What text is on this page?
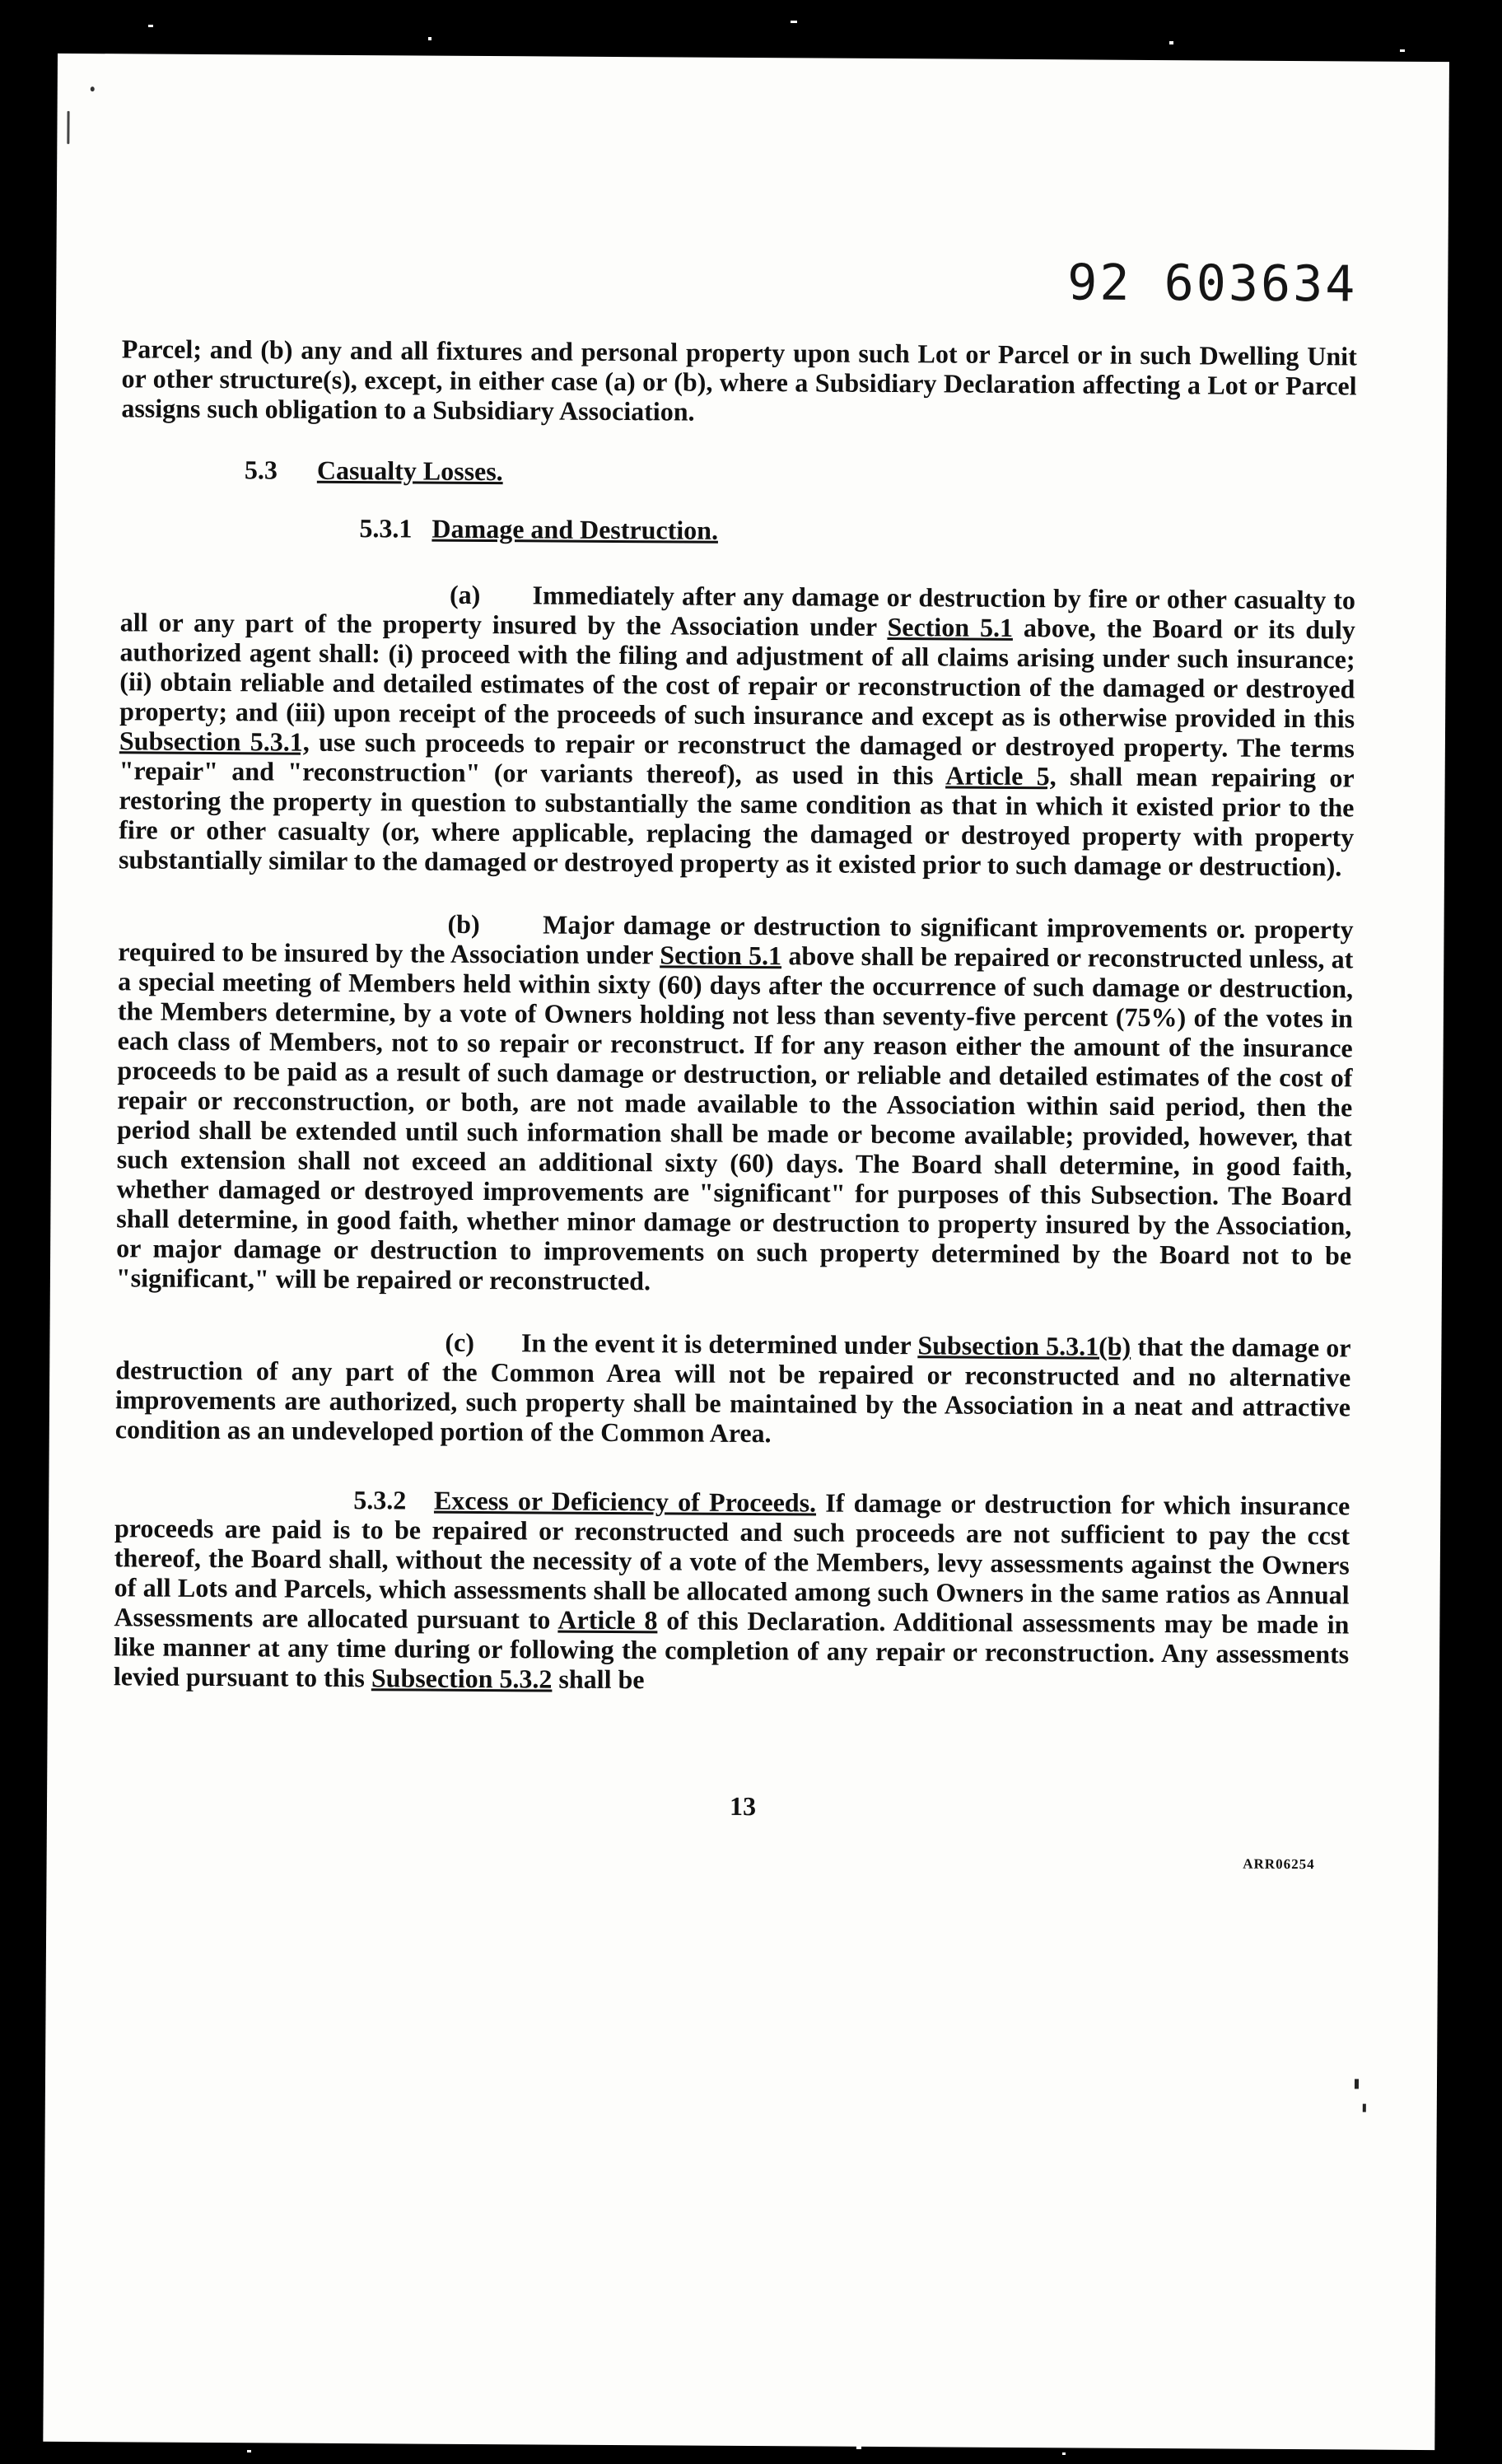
92 603634

Parcel; and (b) any and all fixtures and personal property upon such Lot or Parcel or in such Dwelling Unit or other structure(s), except, in either case (a) or (b), where a Subsidiary Declaration affecting a Lot or Parcel assigns such obligation to a Subsidiary Association.

5.3 Casualty Losses.

5.3.1 Damage and Destruction.

(a) Immediately after any damage or destruction by fire or other casualty to all or any part of the property insured by the Association under Section 5.1 above, the Board or its duly authorized agent shall: (i) proceed with the filing and adjustment of all claims arising under such insurance; (ii) obtain reliable and detailed estimates of the cost of repair or reconstruction of the damaged or destroyed property; and (iii) upon receipt of the proceeds of such insurance and except as is otherwise provided in this Subsection 5.3.1, use such proceeds to repair or reconstruct the damaged or destroyed property. The terms "repair" and "reconstruction" (or variants thereof), as used in this Article 5, shall mean repairing or restoring the property in question to substantially the same condition as that in which it existed prior to the fire or other casualty (or, where applicable, replacing the damaged or destroyed property with property substantially similar to the damaged or destroyed property as it existed prior to such damage or destruction).

(b) Major damage or destruction to significant improvements or. property required to be insured by the Association under Section 5.1 above shall be repaired or reconstructed unless, at a special meeting of Members held within sixty (60) days after the occurrence of such damage or destruction, the Members determine, by a vote of Owners holding not less than seventy-five percent (75%) of the votes in each class of Members, not to so repair or reconstruct. If for any reason either the amount of the insurance proceeds to be paid as a result of such damage or destruction, or reliable and detailed estimates of the cost of repair or recconstruction, or both, are not made available to the Association within said period, then the period shall be extended until such information shall be made or become available; provided, however, that such extension shall not exceed an additional sixty (60) days. The Board shall determine, in good faith, whether damaged or destroyed improvements are "significant" for purposes of this Subsection. The Board shall determine, in good faith, whether minor damage or destruction to property insured by the Association, or major damage or destruction to improvements on such property determined by the Board not to be "significant," will be repaired or reconstructed.

(c) In the event it is determined under Subsection 5.3.1(b) that the damage or destruction of any part of the Common Area will not be repaired or reconstructed and no alternative improvements are authorized, such property shall be maintained by the Association in a neat and attractive condition as an undeveloped portion of the Common Area.

5.3.2 Excess or Deficiency of Proceeds. If damage or destruction for which insurance proceeds are paid is to be repaired or reconstructed and such proceeds are not sufficient to pay the ccst thereof, the Board shall, without the necessity of a vote of the Members, levy assessments against the Owners of all Lots and Parcels, which assessments shall be allocated among such Owners in the same ratios as Annual Assessments are allocated pursuant to Article 8 of this Declaration. Additional assessments may be made in like manner at any time during or following the completion of any repair or reconstruction. Any assessments levied pursuant to this Subsection 5.3.2 shall be

13
ARR06254
